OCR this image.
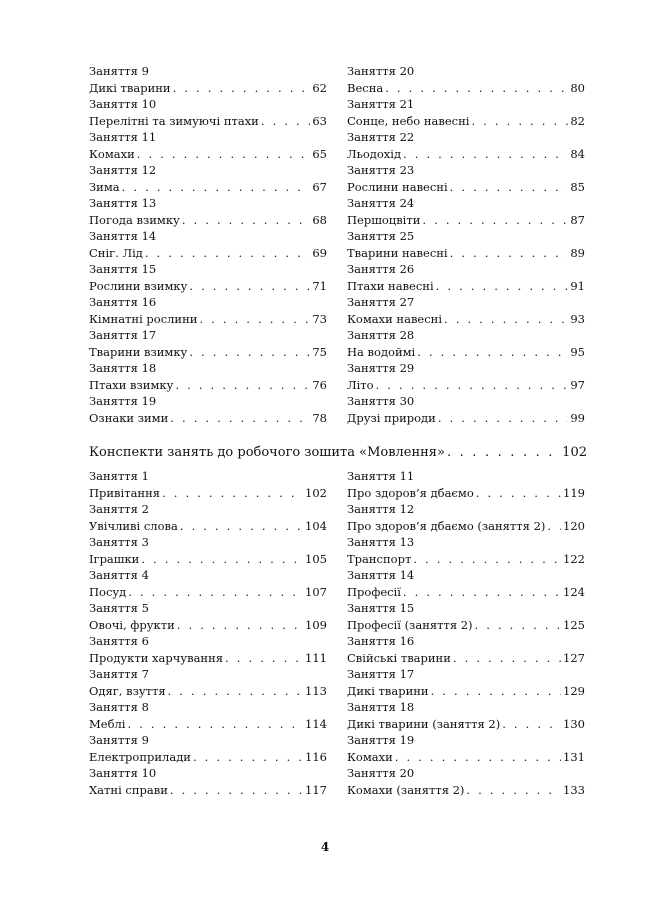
Заняття 9
Дикі тварини . . .	62
Заняття 10
Перелітні та зимуючі птахи . . .	63
Заняття 11
Комахи . . .	65
Заняття 12
Зима . . .	67
Заняття 13
Погода взимку . . .	68
Заняття 14
Сніг. Лід . . .	69
Заняття 15
Рослини взимку . . .	71
Заняття 16
Кімнатні рослини . . .	73
Заняття 17
Тварини взимку . . .	75
Заняття 18
Птахи взимку . . .	76
Заняття 19
Ознаки зими . . .	78
Заняття 20
Весна . . .	80
Заняття 21
Сонце, небо навесні . . .	82
Заняття 22
Льодохід . . .	84
Заняття 23
Рослини навесні . . .	85
Заняття 24
Першоцвіти . . .	87
Заняття 25
Тварини навесні . . .	89
Заняття 26
Птахи навесні . . .	91
Заняття 27
Комахи навесні . . .	93
Заняття 28
На водоймі . . .	95
Заняття 29
Літо . . .	97
Заняття 30
Друзі природи . . .	99
Конспекти занять до робочого зошита «Мовлення» . . .	102
Заняття 1
Привітання . . .	102
Заняття 2
Увічливі слова . . .	104
Заняття 3
Іграшки . . .	105
Заняття 4
Посуд . . .	107
Заняття 5
Овочі, фрукти . . .	109
Заняття 6
Продукти харчування . . .	111
Заняття 7
Одяг, взуття . . .	113
Заняття 8
Меблі . . .	114
Заняття 9
Електроприлади . . .	116
Заняття 10
Хатні справи . . .	117
Заняття 11
Про здоров’я дбаємо . . .	119
Заняття 12
Про здоров’я дбаємо (заняття 2) . . . 120
Заняття 13
Транспорт . . .	122
Заняття 14
Професії . . .	124
Заняття 15
Професії (заняття 2) . . .	125
Заняття 16
Свійські тварини . . .	127
Заняття 17
Дикі тварини . . .	129
Заняття 18
Дикі тварини (заняття 2) . . .	130
Заняття 19
Комахи . . .	131
Заняття 20
Комахи (заняття 2) . . .	133
4
